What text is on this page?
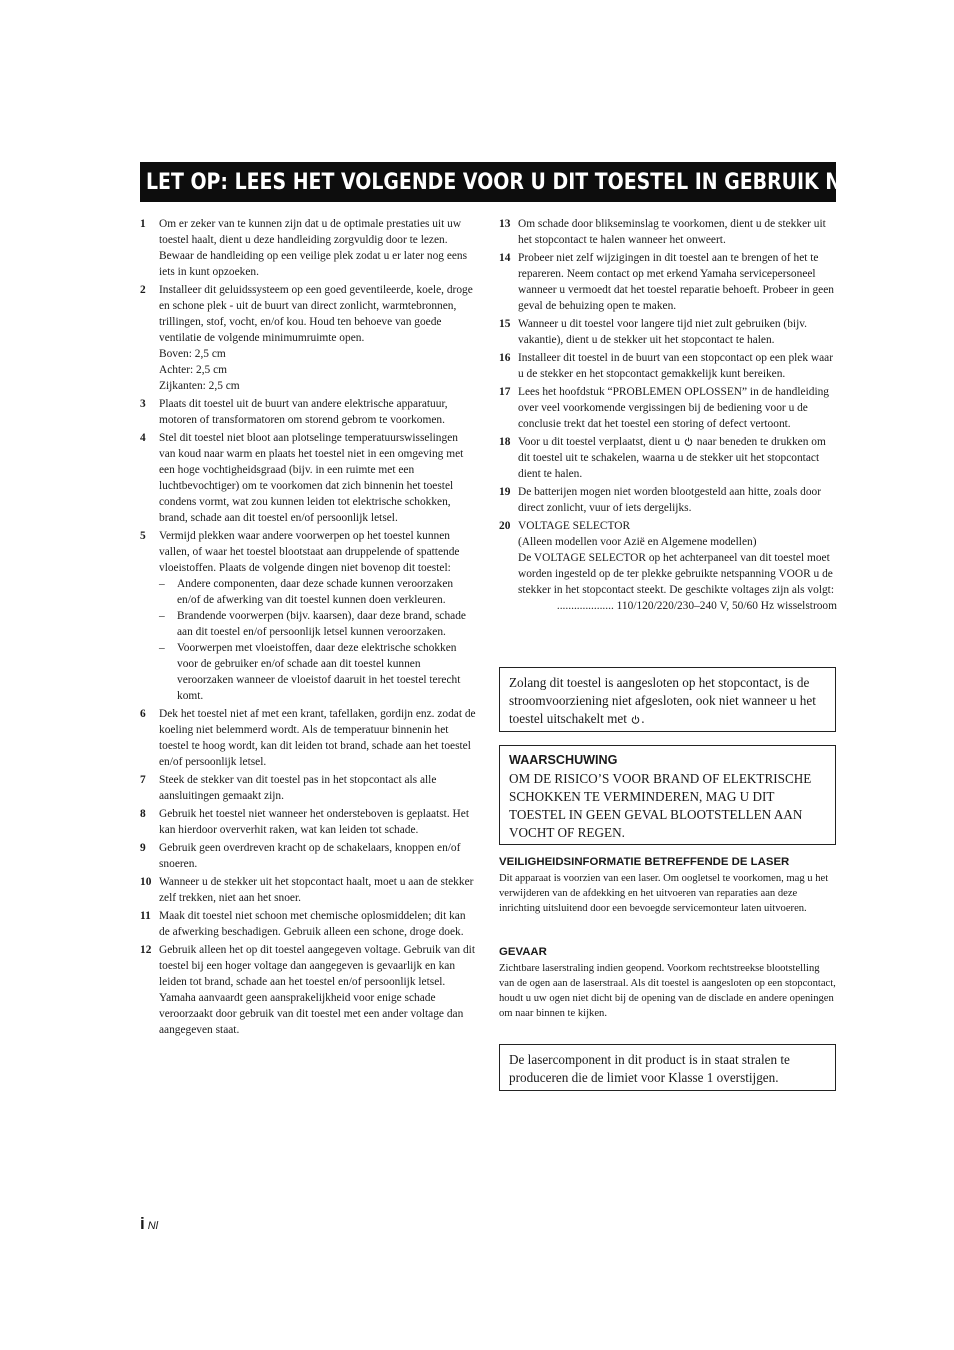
LET OP: LEES HET VOLGENDE VOOR U DIT TOESTEL IN GEBRUIK NEEMT.
1 Om er zeker van te kunnen zijn dat u de optimale prestaties uit uw toestel haalt, dient u deze handleiding zorgvuldig door te lezen. Bewaar de handleiding op een veilige plek zodat u er later nog eens iets in kunt opzoeken.
2 Installeer dit geluidssysteem op een goed geventileerde, koele, droge en schone plek - uit de buurt van direct zonlicht, warmtebronnen, trillingen, stof, vocht, en/of kou. Houd ten behoeve van goede ventilatie de volgende minimumruimte open.
Boven: 2,5 cm
Achter: 2,5 cm
Zijkanten: 2,5 cm
3 Plaats dit toestel uit de buurt van andere elektrische apparatuur, motoren of transformatoren om storend gebrom te voorkomen.
4 Stel dit toestel niet bloot aan plotselinge temperatuurswisselingen van koud naar warm en plaats het toestel niet in een omgeving met een hoge vochtigheidsgraad (bijv. in een ruimte met een luchtbevochtiger) om te voorkomen dat zich binnenin het toestel condens vormt, wat zou kunnen leiden tot elektrische schokken, brand, schade aan dit toestel en/of persoonlijk letsel.
5 Vermijd plekken waar andere voorwerpen op het toestel kunnen vallen, of waar het toestel blootstaat aan druppelende of spattende vloeistoffen. Plaats de volgende dingen niet bovenop dit toestel:
– Andere componenten, daar deze schade kunnen veroorzaken en/of de afwerking van dit toestel kunnen doen verkleuren.
– Brandende voorwerpen (bijv. kaarsen), daar deze brand, schade aan dit toestel en/of persoonlijk letsel kunnen veroorzaken.
– Voorwerpen met vloeistoffen, daar deze elektrische schokken voor de gebruiker en/of schade aan dit toestel kunnen veroorzaken wanneer de vloeistof daaruit in het toestel terecht komt.
6 Dek het toestel niet af met een krant, tafellaken, gordijn enz. zodat de koeling niet belemmerd wordt. Als de temperatuur binnenin het toestel te hoog wordt, kan dit leiden tot brand, schade aan het toestel en/of persoonlijk letsel.
7 Steek de stekker van dit toestel pas in het stopcontact als alle aansluitingen gemaakt zijn.
8 Gebruik het toestel niet wanneer het ondersteboven is geplaatst. Het kan hierdoor oververhit raken, wat kan leiden tot schade.
9 Gebruik geen overdreven kracht op de schakelaars, knoppen en/of snoeren.
10 Wanneer u de stekker uit het stopcontact haalt, moet u aan de stekker zelf trekken, niet aan het snoer.
11 Maak dit toestel niet schoon met chemische oplosmiddelen; dit kan de afwerking beschadigen. Gebruik alleen een schone, droge doek.
12 Gebruik alleen het op dit toestel aangegeven voltage. Gebruik van dit toestel bij een hoger voltage dan aangegeven is gevaarlijk en kan leiden tot brand, schade aan het toestel en/of persoonlijk letsel. Yamaha aanvaardt geen aansprakelijkheid voor enige schade veroorzaakt door gebruik van dit toestel met een ander voltage dan aangegeven staat.
13 Om schade door blikseminslag te voorkomen, dient u de stekker uit het stopcontact te halen wanneer het onweert.
14 Probeer niet zelf wijzigingen in dit toestel aan te brengen of het te repareren. Neem contact op met erkend Yamaha servicepersoneel wanneer u vermoedt dat het toestel reparatie behoeft. Probeer in geen geval de behuizing open te maken.
15 Wanneer u dit toestel voor langere tijd niet zult gebruiken (bijv. vakantie), dient u de stekker uit het stopcontact te halen.
16 Installeer dit toestel in de buurt van een stopcontact op een plek waar u de stekker en het stopcontact gemakkelijk kunt bereiken.
17 Lees het hoofdstuk “PROBLEMEN OPLOSSEN” in de handleiding over veel voorkomende vergissingen bij de bediening voor u de conclusie trekt dat het toestel een storing of defect vertoont.
18 Voor u dit toestel verplaatst, dient u naar beneden te drukken om dit toestel uit te schakelen, waarna u de stekker uit het stopcontact dient te halen.
19 De batterijen mogen niet worden blootgesteld aan hitte, zoals door direct zonlicht, vuur of iets dergelijks.
20 VOLTAGE SELECTOR
(Alleen modellen voor Azië en Algemene modellen)
De VOLTAGE SELECTOR op het achterpaneel van dit toestel moet worden ingesteld op de ter plekke gebruikte netspanning VOOR u de stekker in het stopcontact steekt. De geschikte voltages zijn als volgt:
.................... 110/120/220/230–240 V, 50/60 Hz wisselstroom
Zolang dit toestel is aangesloten op het stopcontact, is de stroomvoorziening niet afgesloten, ook niet wanneer u het toestel uitschakelt met .
WAARSCHUWING
OM DE RISICO’S VOOR BRAND OF ELEKTRISCHE SCHOKKEN TE VERMINDEREN, MAG U DIT TOESTEL IN GEEN GEVAL BLOOTSTELLEN AAN VOCHT OF REGEN.
VEILIGHEIDSINFORMATIE BETREFFENDE DE LASER
Dit apparaat is voorzien van een laser. Om oogletsel te voorkomen, mag u het verwijderen van de afdekking en het uitvoeren van reparaties aan deze inrichting uitsluitend door een bevoegde servicemonteur laten uitvoeren.
GEVAAR
Zichtbare laserstraling indien geopend. Voorkom rechtstreekse blootstelling van de ogen aan de laserstraal. Als dit toestel is aangesloten op een stopcontact, houdt u uw ogen niet dicht bij de opening van de disclade en andere openingen om naar binnen te kijken.
De lasercomponent in dit product is in staat stralen te produceren die de limiet voor Klasse 1 overstijgen.
i Nl
